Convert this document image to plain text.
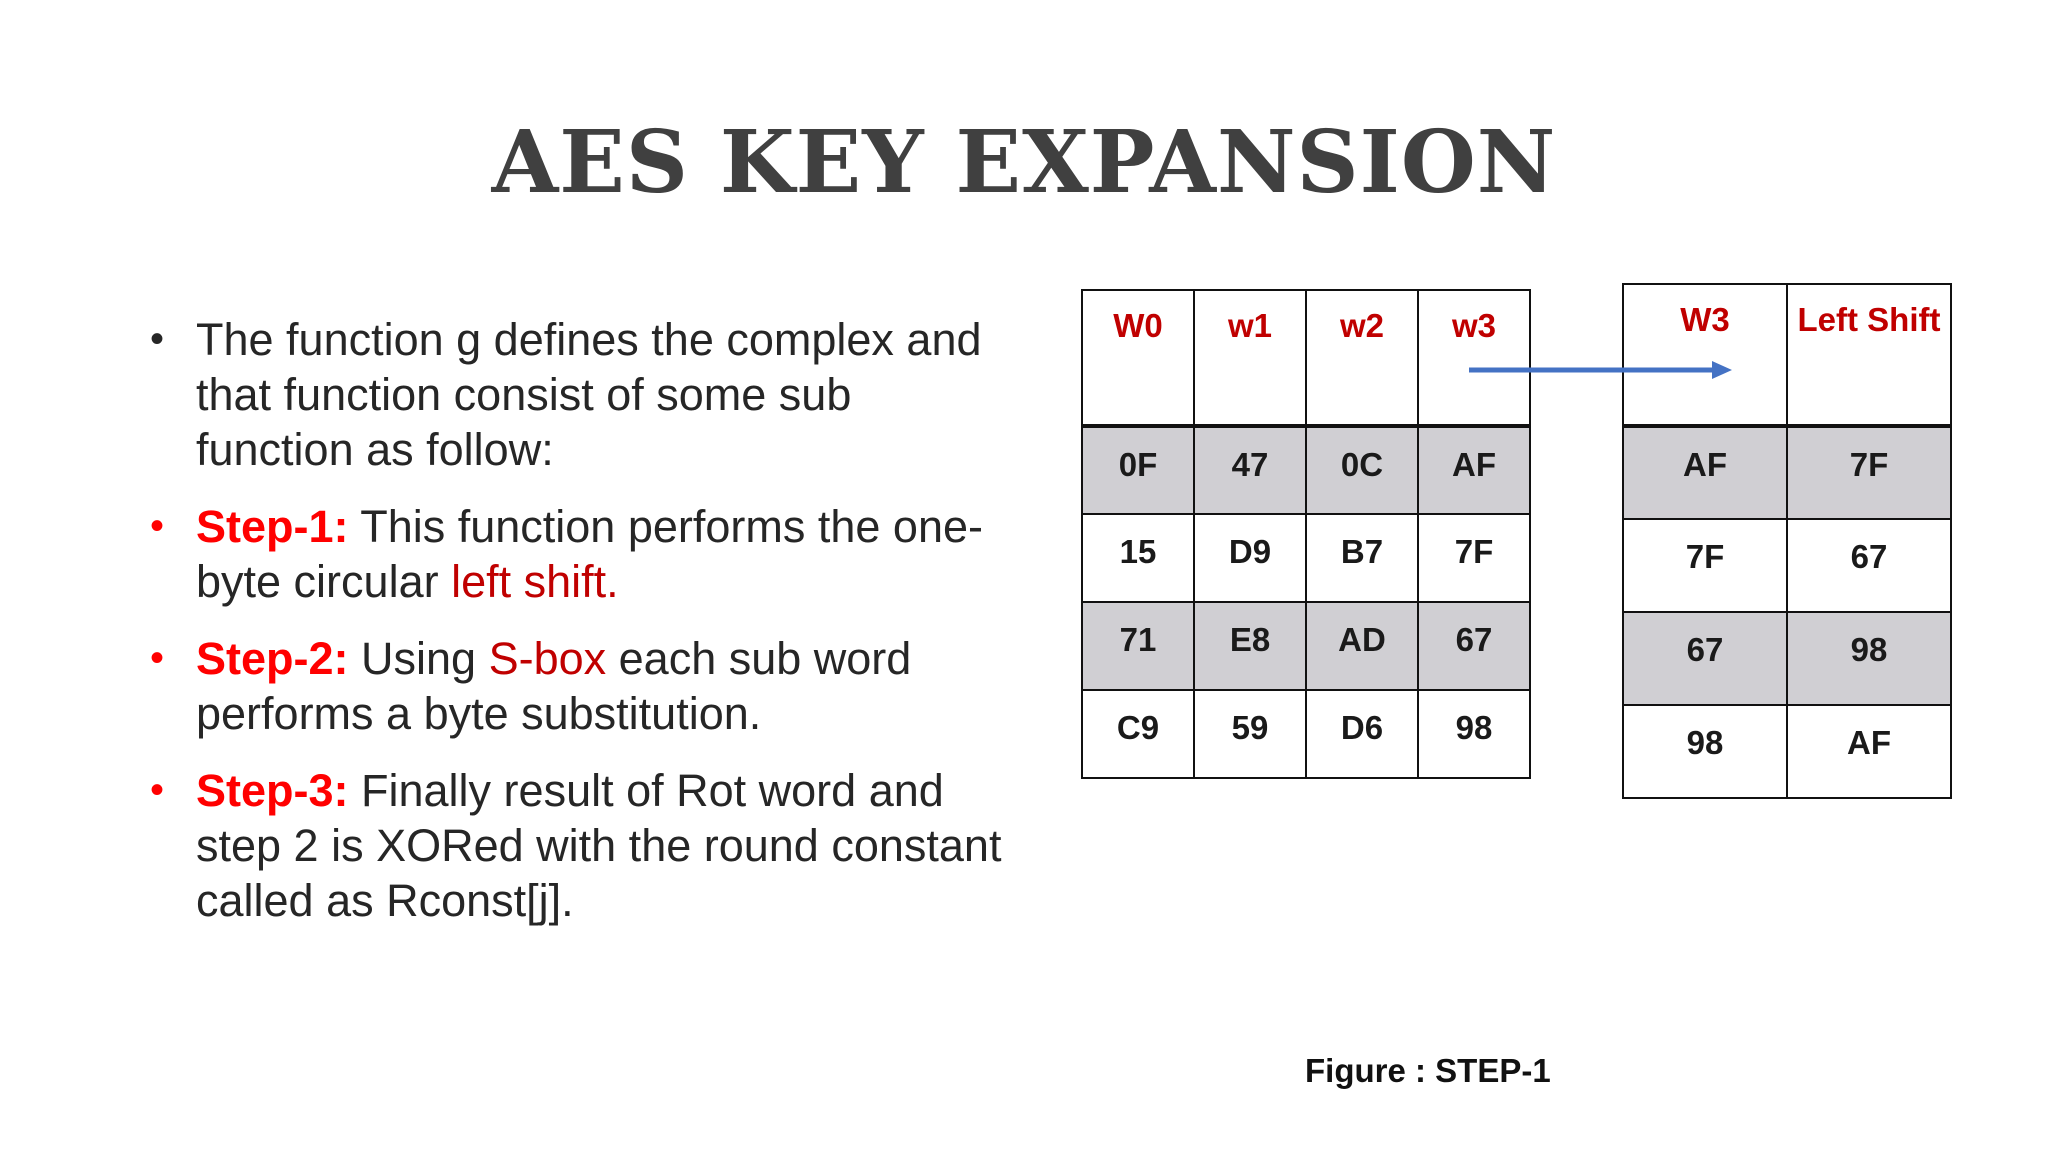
AES KEY EXPANSION
• The function g defines the complex and that function consist of some sub function as follow:
• Step-1: This function performs the one-byte circular left shift.
• Step-2: Using S-box each sub word performs a byte substitution.
• Step-3: Finally result of Rot word and step 2 is XORed with the round constant called as Rconst[j].
W0	w1	w2	w3
0F	47	0C	AF
15	D9	B7	7F
71	E8	AD	67
C9	59	D6	98
W3	Left Shift
AF	7F
7F	67
67	98
98	AF
Figure : STEP-1
